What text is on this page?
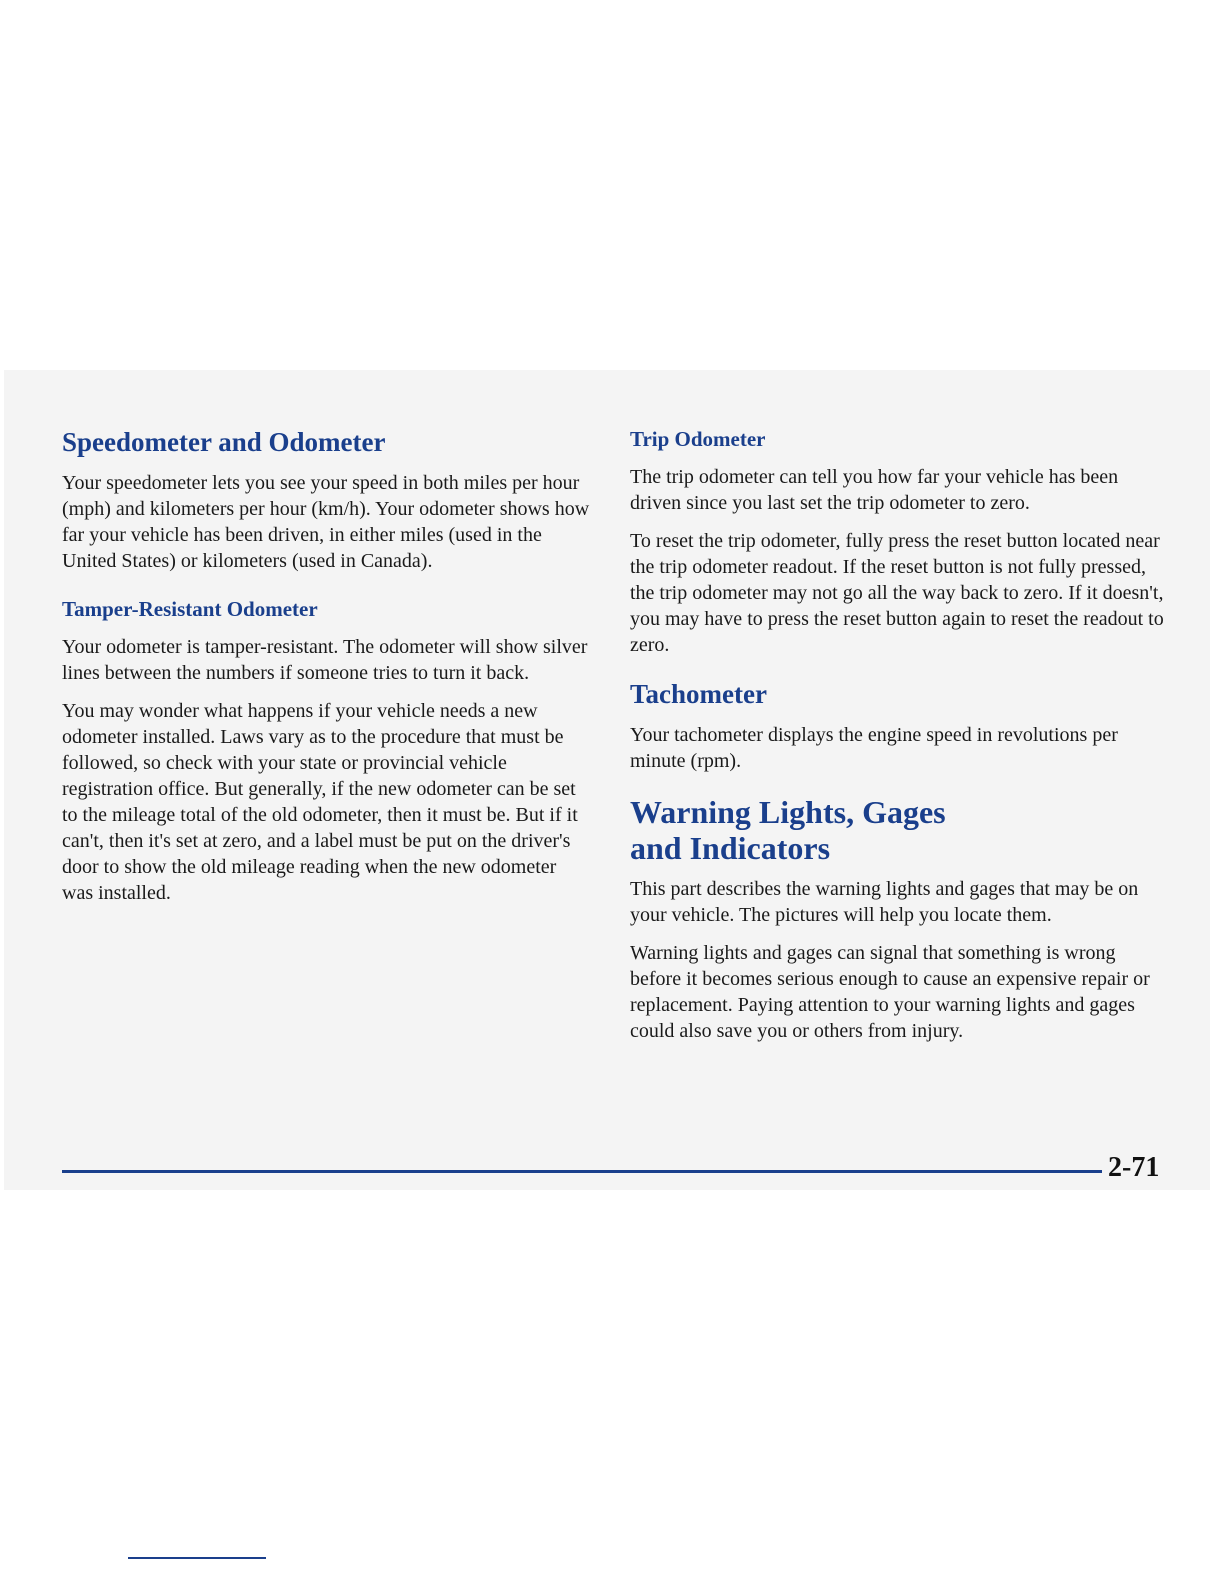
Speedometer and Odometer

Your speedometer lets you see your speed in both miles per hour (mph) and kilometers per hour (km/h). Your odometer shows how far your vehicle has been driven, in either miles (used in the United States) or kilometers (used in Canada).

Tamper-Resistant Odometer

Your odometer is tamper-resistant. The odometer will show silver lines between the numbers if someone tries to turn it back.

You may wonder what happens if your vehicle needs a new odometer installed. Laws vary as to the procedure that must be followed, so check with your state or provincial vehicle registration office. But generally, if the new odometer can be set to the mileage total of the old odometer, then it must be. But if it can't, then it's set at zero, and a label must be put on the driver's door to show the old mileage reading when the new odometer was installed.

Trip Odometer

The trip odometer can tell you how far your vehicle has been driven since you last set the trip odometer to zero.

To reset the trip odometer, fully press the reset button located near the trip odometer readout. If the reset button is not fully pressed, the trip odometer may not go all the way back to zero. If it doesn't, you may have to press the reset button again to reset the readout to zero.

Tachometer

Your tachometer displays the engine speed in revolutions per minute (rpm).

Warning Lights, Gages
and Indicators

This part describes the warning lights and gages that may be on your vehicle. The pictures will help you locate them.

Warning lights and gages can signal that something is wrong before it becomes serious enough to cause an expensive repair or replacement. Paying attention to your warning lights and gages could also save you or others from injury.

2-71
